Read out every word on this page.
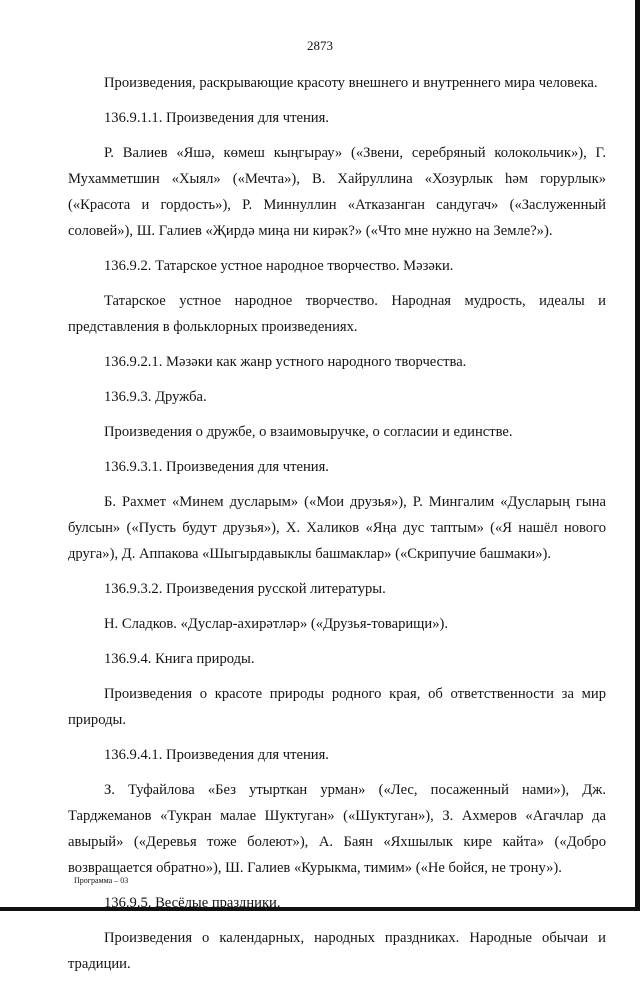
2873

Произведения, раскрывающие красоту внешнего и внутреннего мира человека.

136.9.1.1. Произведения для чтения.

Р. Валиев «Яшә, көмеш кыңгырау» («Звени, серебряный колокольчик»), Г. Мухамметшин «Хыял» («Мечта»), В. Хайруллина «Хозурлык һәм горурлык» («Красота и гордость»), Р. Миннуллин «Атказанган сандугач» («Заслуженный соловей»), Ш. Галиев «Җирдә миңа ни кирәк?» («Что мне нужно на Земле?»).

136.9.2. Татарское устное народное творчество. Мәзәки.

Татарское устное народное творчество. Народная мудрость, идеалы и представления в фольклорных произведениях.

136.9.2.1. Мәзәки как жанр устного народного творчества.

136.9.3. Дружба.

Произведения о дружбе, о взаимовыручке, о согласии и единстве.

136.9.3.1. Произведения для чтения.

Б. Рахмет «Минем дусларым» («Мои друзья»), Р. Мингалим «Дусларың гына булсын» («Пусть будут друзья»), Х. Халиков «Яңа дус таптым» («Я нашёл нового друга»), Д. Аппакова «Шыгырдавыклы башмаклар» («Скрипучие башмаки»).

136.9.3.2. Произведения русской литературы.

Н. Сладков. «Дуслар-ахирәтләр» («Друзья-товарищи»).

136.9.4. Книга природы.

Произведения о красоте природы родного края, об ответственности за мир природы.

136.9.4.1. Произведения для чтения.

З. Туфайлова «Без утырткан урман» («Лес, посаженный нами»), Дж. Тарджеманов «Тукран малае Шуктуган» («Шуктуган»), З. Ахмеров «Агачлар да авырый» («Деревья тоже болеют»), А. Баян «Яхшылык кире кайта» («Добро возвращается обратно»), Ш. Галиев «Курыкма, тимим» («Не бойся, не трону»).

136.9.5. Весёлые праздники.

Произведения о календарных, народных праздниках. Народные обычаи и традиции.

Программа – 03
